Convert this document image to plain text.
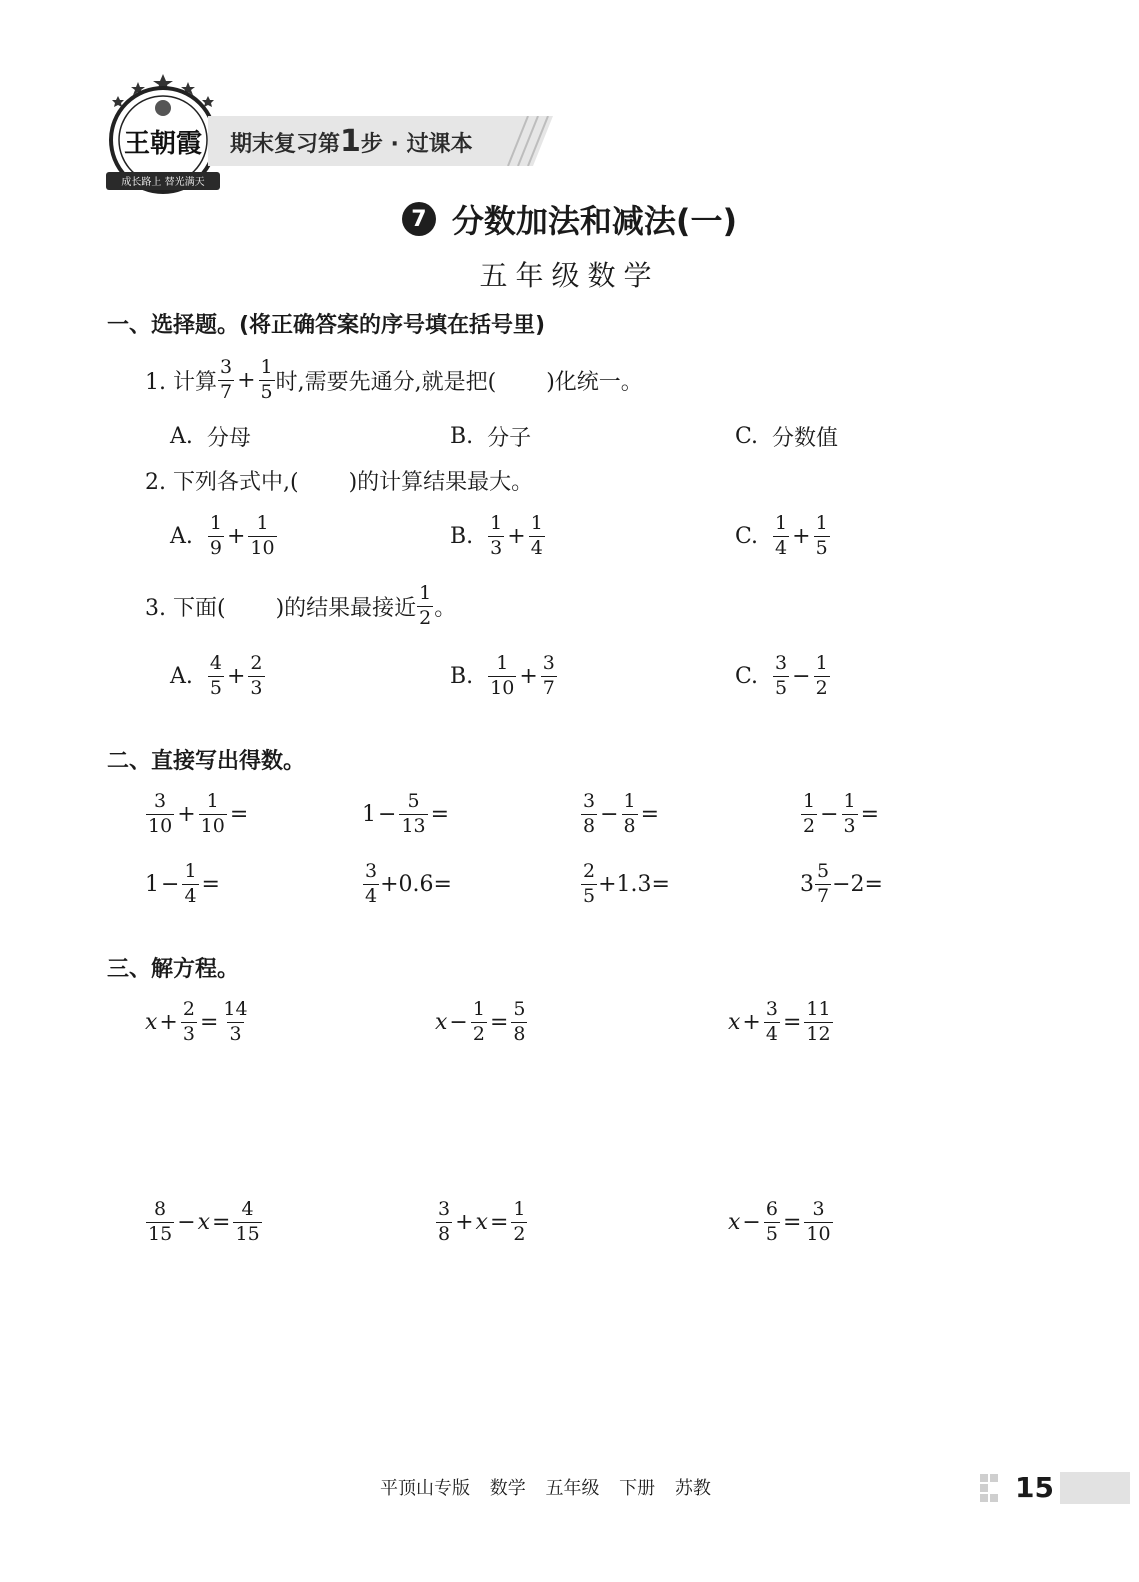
王朝霞
成长路上 替光满天
期末复习第1步 · 过课本
7 分数加法和减法(一)
五年级数学
一、选择题。(将正确答案的序号填在括号里)
1. 计算 $\frac{3}{7} + \frac{1}{5}$ 时,需要先通分,就是把( )化统一。
A. 分母	B. 分子	C. 分数值
2. 下列各式中,( )的计算结果最大。
A. $\frac{1}{9} + \frac{1}{10}$	B. $\frac{1}{3} + \frac{1}{4}$	C. $\frac{1}{4} + \frac{1}{5}$
3. 下面( )的结果最接近 $\frac{1}{2}$ 。
A. $\frac{4}{5} + \frac{2}{3}$	B. $\frac{1}{10} + \frac{3}{7}$	C. $\frac{3}{5} - \frac{1}{2}$
二、直接写出得数。
$\frac{3}{10} + \frac{1}{10}$ =	$1 - \frac{5}{13}$ =	$\frac{3}{8} - \frac{1}{8}$ =	$\frac{1}{2} - \frac{1}{3}$ =
$1 - \frac{1}{4}$ =	$\frac{3}{4} +0.6=$	$\frac{2}{5} +1.3=$	$3 \frac{5}{7} -2=$
三、解方程。
$x + \frac{2}{3} = \frac{14}{3}$	$x - \frac{1}{2} = \frac{5}{8}$	$x + \frac{3}{4} = \frac{11}{12}$
$\frac{8}{15} - x = \frac{4}{15}$	$\frac{3}{8} + x = \frac{1}{2}$	$x - \frac{6}{5} = \frac{3}{10}$
平顶山专版 数学 五年级 下册 苏教	15
